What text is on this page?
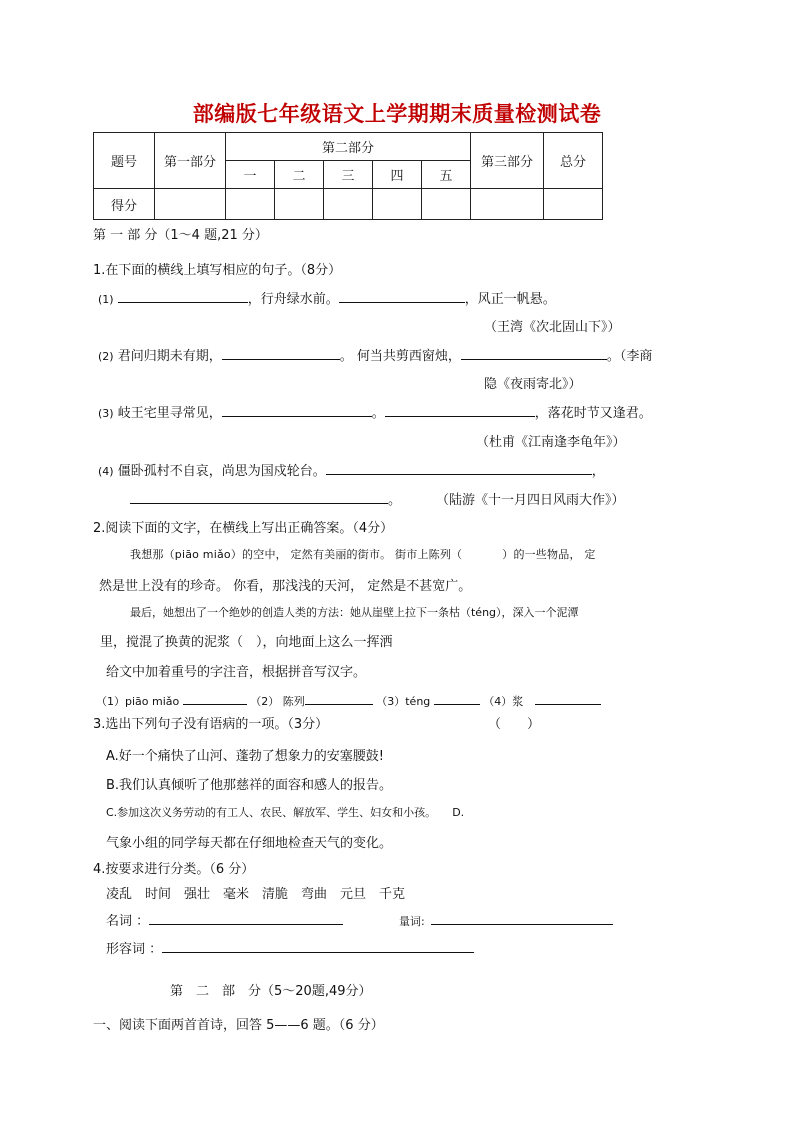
部编版七年级语文上学期期末质量检测试卷
题号	第一部分	第二部分					第三部分	总分
		一	二	三	四	五		
得分								
第 一 部 分（1～4 题,21 分）
1.在下面的横线上填写相应的句子。（8分）
(1)	，行舟绿水前。	，风正一帆悬。
（王湾《次北固山下》）
(2) 君问归期未有期，	。 何当共剪西窗烛，	。（李商
隐《夜雨寄北》）
(3) 岐王宅里寻常见，	。	，落花时节又逢君。
（杜甫《江南逢李龟年》）
(4) 僵卧孤村不自哀，尚思为国戍轮台。	，
。	（陆游《十一月四日风雨大作》）
2.阅读下面的文字，在横线上写出正确答案。（4分）
我想那（piāo miǎo）的空中， 定然有美丽的街市。 街市上陈列（	）的一些物品， 定
然是世上没有的珍奇。 你看，那浅浅的天河， 定然是不甚宽广。
最后，她想出了一个绝妙的创造人类的方法：她从崖壁上拉下一条枯（téng），深入一个泥潭
里，搅混了换黄的泥浆（　），向地面上这么一挥洒
给文中加着重号的字注音，根据拼音写汉字。
（1）piāo miǎo	（2） 陈列	（3）téng	（4）浆
3.选出下列句子没有语病的一项。（3分）	（　　）
A.好一个痛快了山河、蓬勃了想象力的安塞腰鼓!
B.我们认真倾听了他那慈祥的面容和感人的报告。
C.参加这次义务劳动的有工人、农民、解放军、学生、妇女和小孩。 D.
气象小组的同学每天都在仔细地检查天气的变化。
4.按要求进行分类。（6 分）
凌乱　时间　强壮　毫米　清脆　弯曲　元旦　千克
名词 ：	量词:
形容词 ：
第　二　部　分（5～20题,49分）
一、阅读下面两首首诗，回答 5——6 题。（6 分）
